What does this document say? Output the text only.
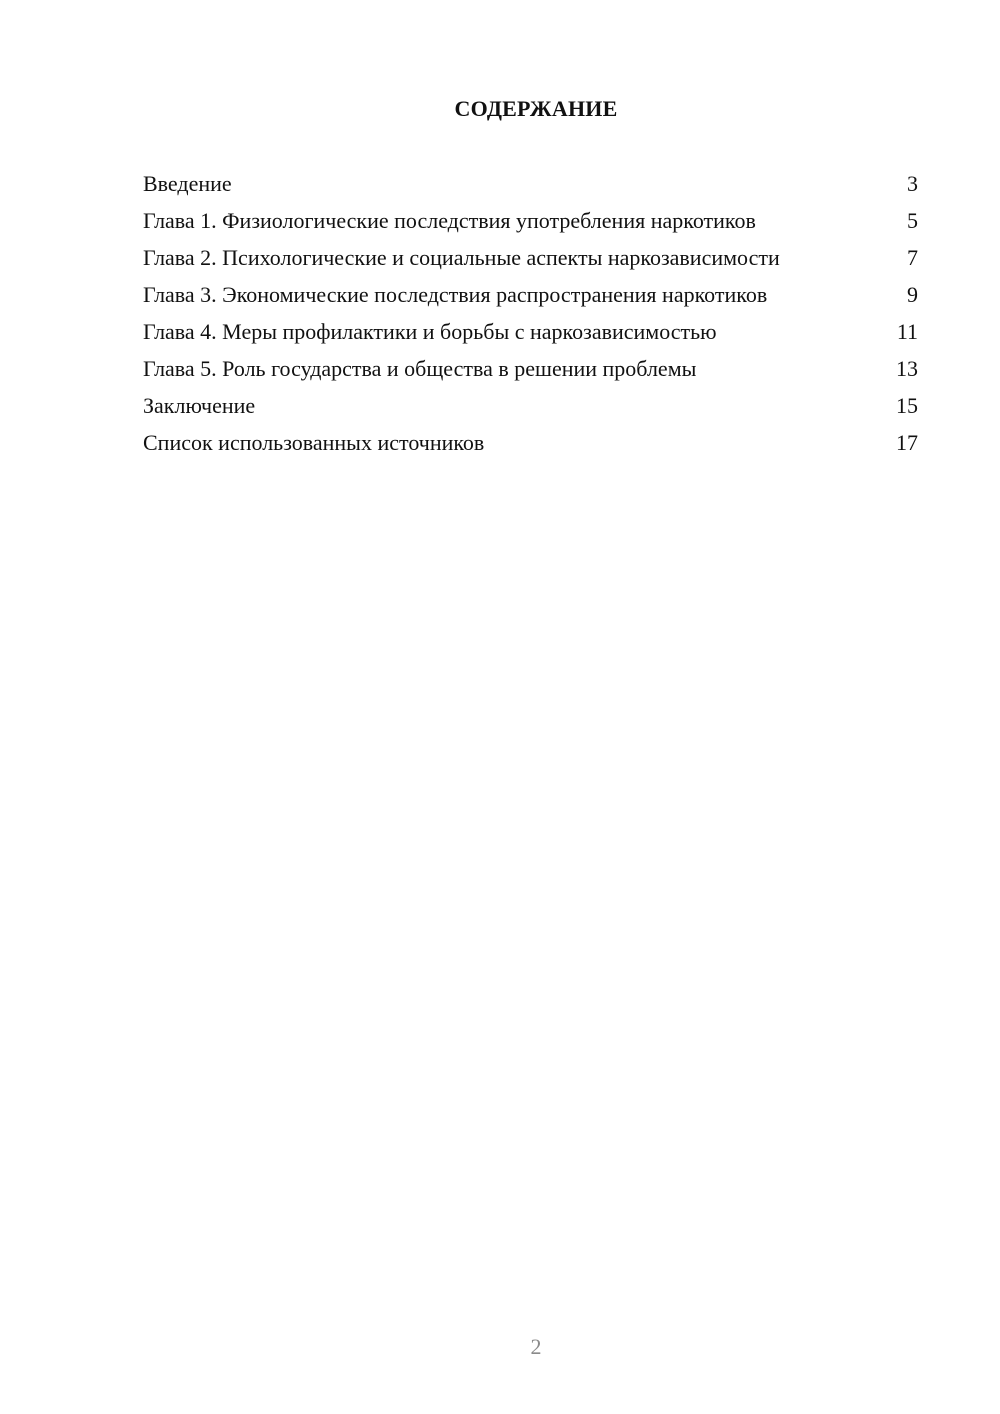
СОДЕРЖАНИЕ
Введение	3
Глава 1. Физиологические последствия употребления наркотиков	5
Глава 2. Психологические и социальные аспекты наркозависимости	7
Глава 3. Экономические последствия распространения наркотиков	9
Глава 4. Меры профилактики и борьбы с наркозависимостью	11
Глава 5. Роль государства и общества в решении проблемы	13
Заключение	15
Список использованных источников	17
2
